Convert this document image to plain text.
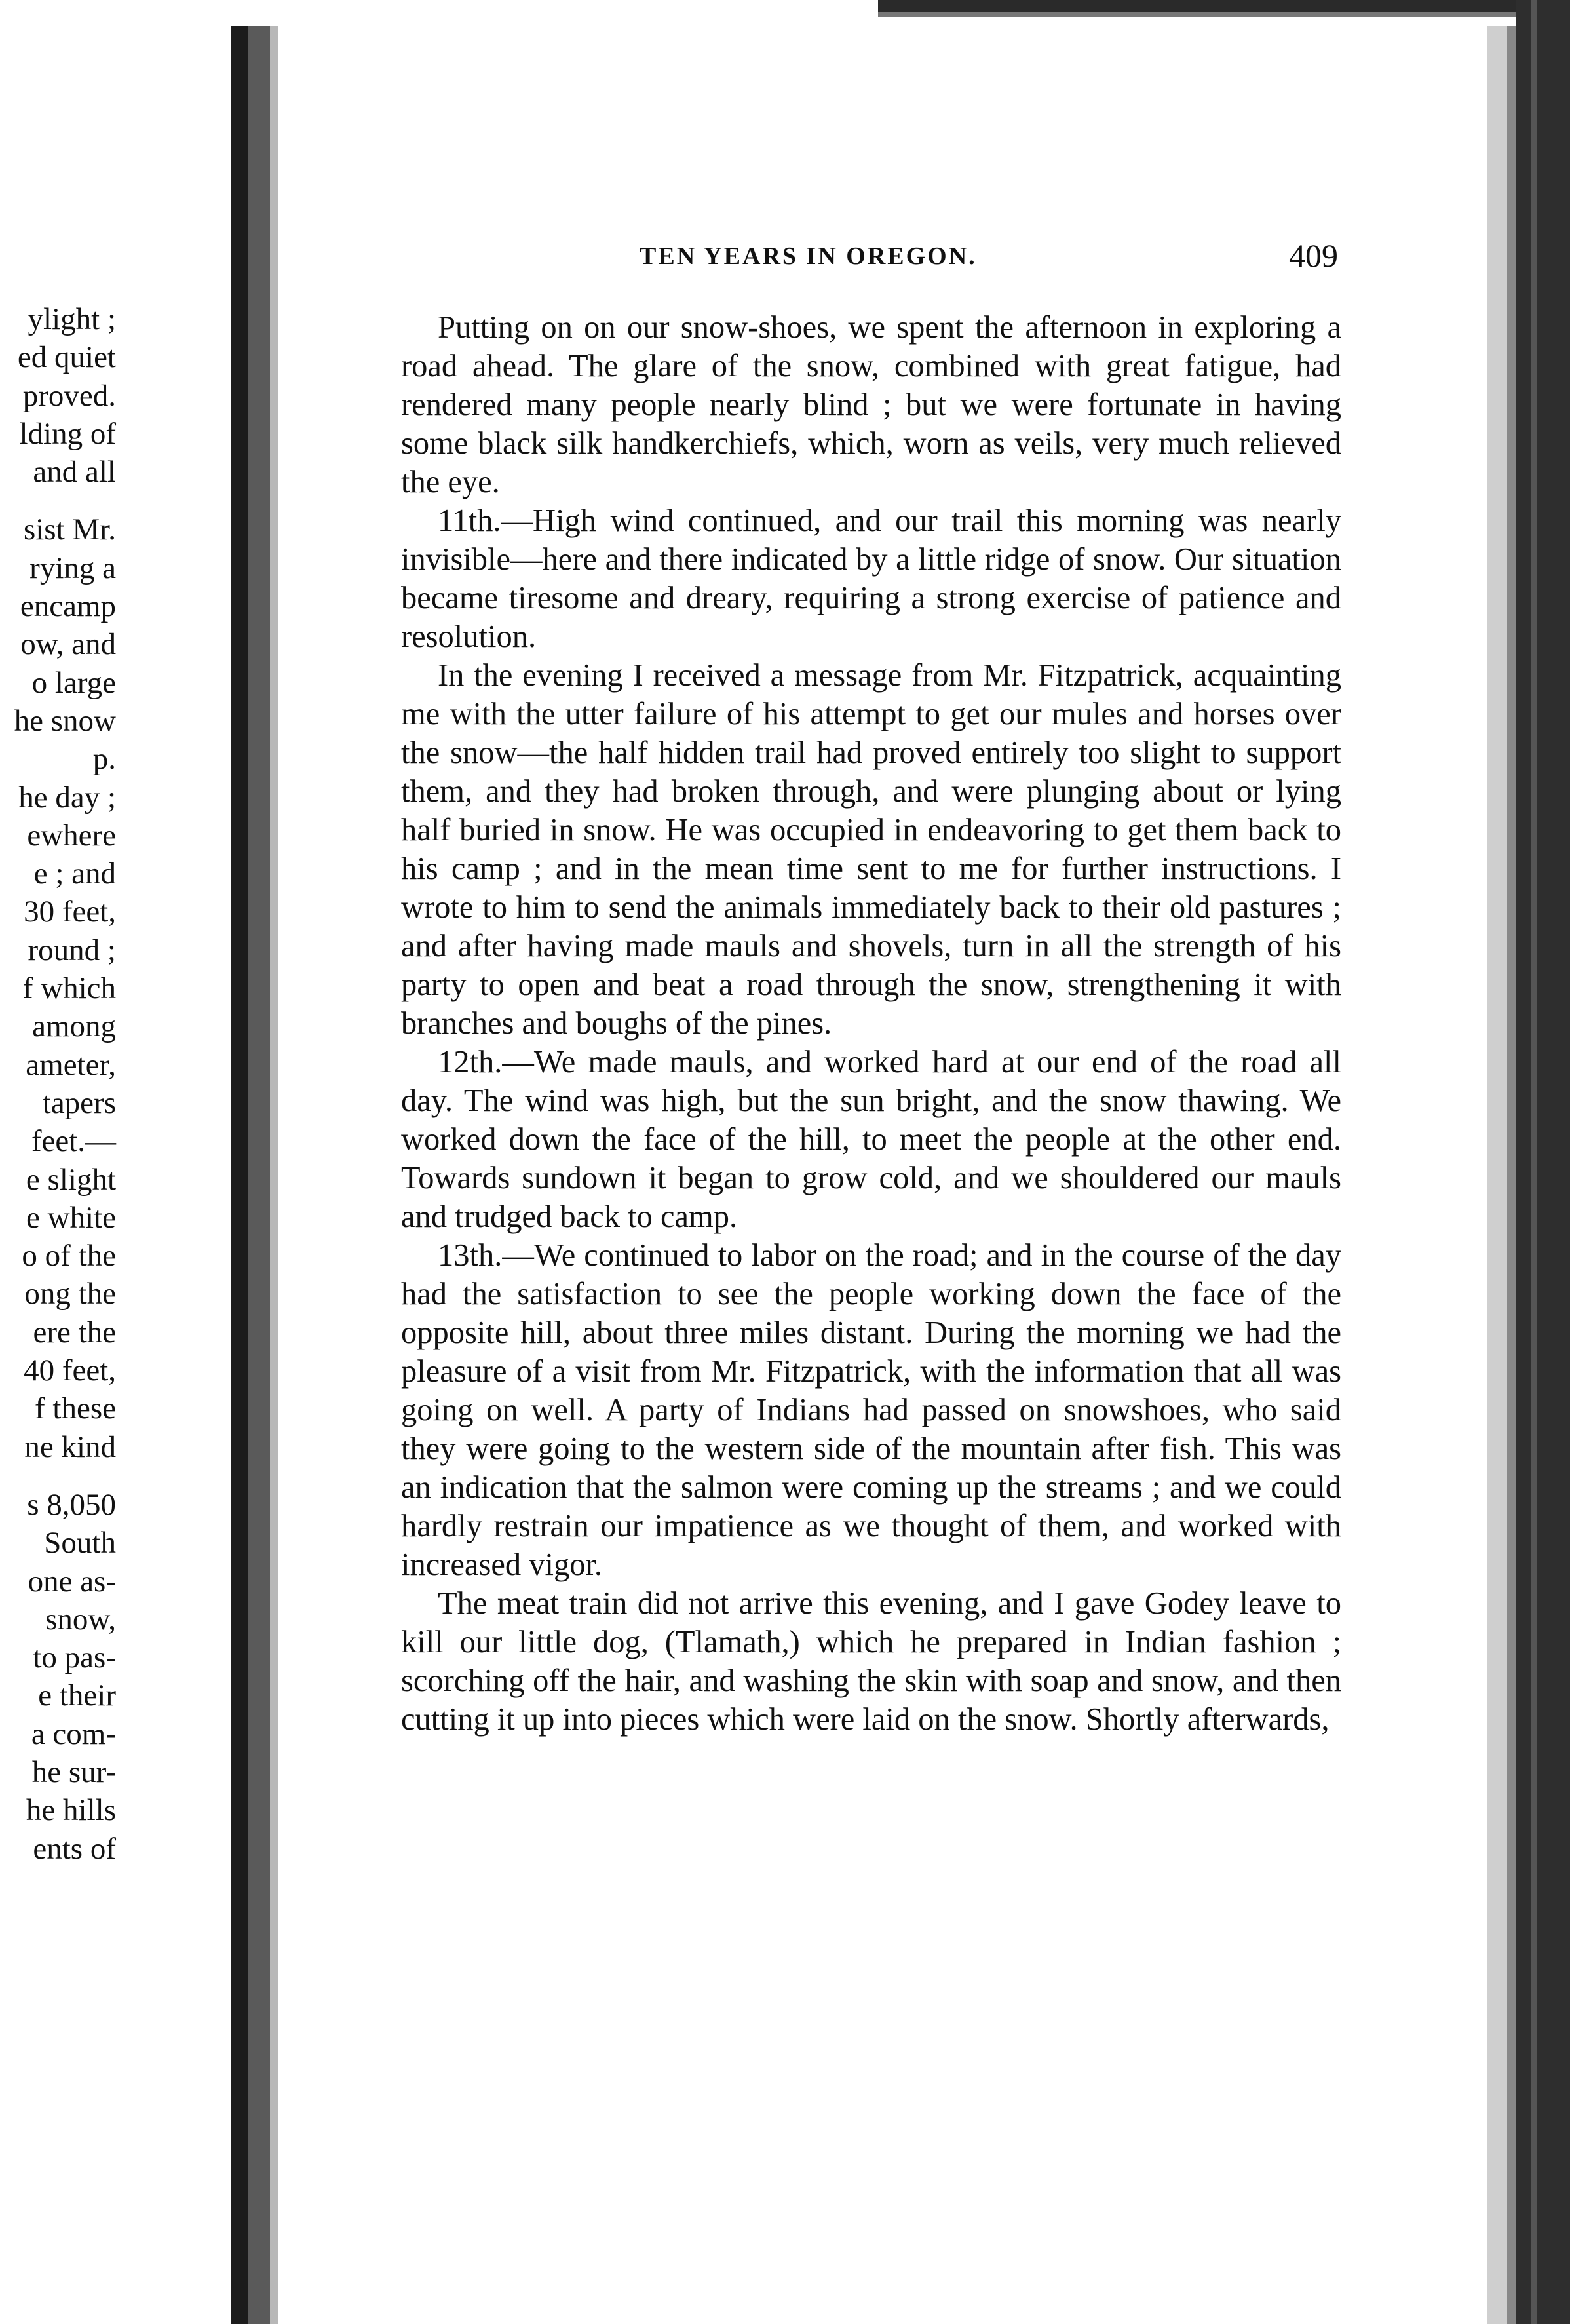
ylight ;
ed quiet
proved.
lding of
and all
sist Mr.
rying a
encamp
ow, and
o large
he snow
p.
he day ;
ewhere
e ; and
30 feet,
round ;
f which
among
ameter,
tapers
feet.—
e slight
e white
o of the
ong the
ere the
40 feet,
f these
ne kind
s 8,050
South
one as-
snow,
to pas-
e their
a com-
he sur-
he hills
ents of
TEN YEARS IN OREGON.	409

Putting on on our snow-shoes, we spent the afternoon in exploring a road ahead. The glare of the snow, combined with great fatigue, had rendered many people nearly blind ; but we were fortunate in having some black silk handkerchiefs, which, worn as veils, very much relieved the eye.

11th.—High wind continued, and our trail this morning was nearly invisible—here and there indicated by a little ridge of snow. Our situation became tiresome and dreary, requiring a strong exercise of patience and resolution.

In the evening I received a message from Mr. Fitzpatrick, acquainting me with the utter failure of his attempt to get our mules and horses over the snow—the half hidden trail had proved entirely too slight to support them, and they had broken through, and were plunging about or lying half buried in snow. He was occupied in endeavoring to get them back to his camp ; and in the mean time sent to me for further instructions. I wrote to him to send the animals immediately back to their old pastures ; and after having made mauls and shovels, turn in all the strength of his party to open and beat a road through the snow, strengthening it with branches and boughs of the pines.

12th.—We made mauls, and worked hard at our end of the road all day. The wind was high, but the sun bright, and the snow thawing. We worked down the face of the hill, to meet the people at the other end. Towards sundown it began to grow cold, and we shouldered our mauls and trudged back to camp.

13th.—We continued to labor on the road; and in the course of the day had the satisfaction to see the people working down the face of the opposite hill, about three miles distant. During the morning we had the pleasure of a visit from Mr. Fitzpatrick, with the information that all was going on well. A party of Indians had passed on snowshoes, who said they were going to the western side of the mountain after fish. This was an indication that the salmon were coming up the streams ; and we could hardly restrain our impatience as we thought of them, and worked with increased vigor.

The meat train did not arrive this evening, and I gave Godey leave to kill our little dog, (Tlamath,) which he prepared in Indian fashion ; scorching off the hair, and washing the skin with soap and snow, and then cutting it up into pieces which were laid on the snow. Shortly afterwards,
